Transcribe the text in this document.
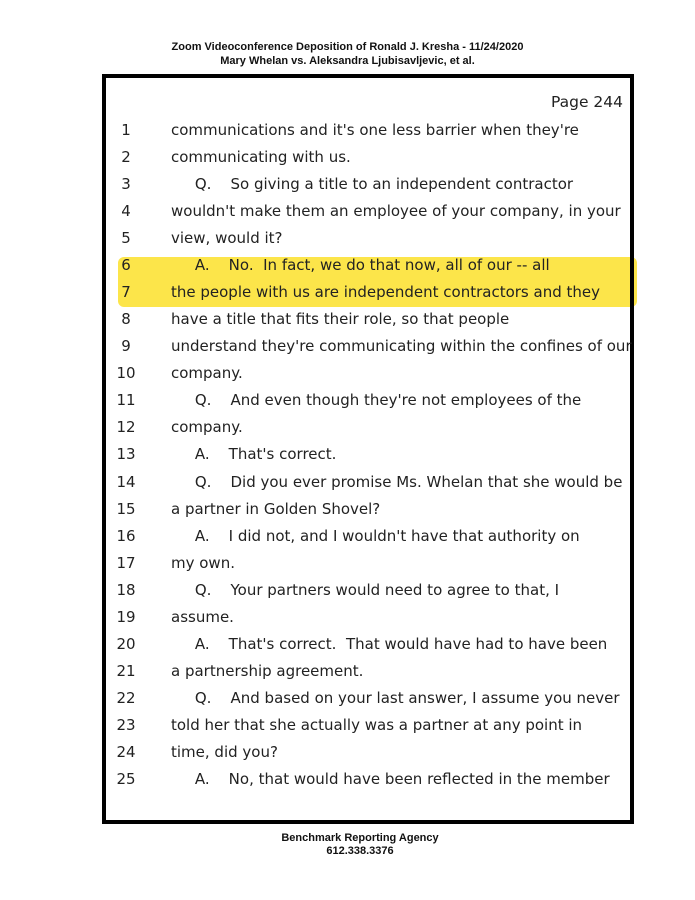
Zoom Videoconference Deposition of Ronald J. Kresha - 11/24/2020
Mary Whelan vs. Aleksandra Ljubisavljevic, et al.
Page 244
1	communications and it's one less barrier when they're
2	communicating with us.
3	Q.    So giving a title to an independent contractor
4	wouldn't make them an employee of your company, in your
5	view, would it?
6	A.    No.  In fact, we do that now, all of our -- all
7	the people with us are independent contractors and they
8	have a title that fits their role, so that people
9	understand they're communicating within the confines of our
10	company.
11	Q.    And even though they're not employees of the
12	company.
13	A.    That's correct.
14	Q.    Did you ever promise Ms. Whelan that she would be
15	a partner in Golden Shovel?
16	A.    I did not, and I wouldn't have that authority on
17	my own.
18	Q.    Your partners would need to agree to that, I
19	assume.
20	A.    That's correct.  That would have had to have been
21	a partnership agreement.
22	Q.    And based on your last answer, I assume you never
23	told her that she actually was a partner at any point in
24	time, did you?
25	A.    No, that would have been reflected in the member
Benchmark Reporting Agency
612.338.3376
